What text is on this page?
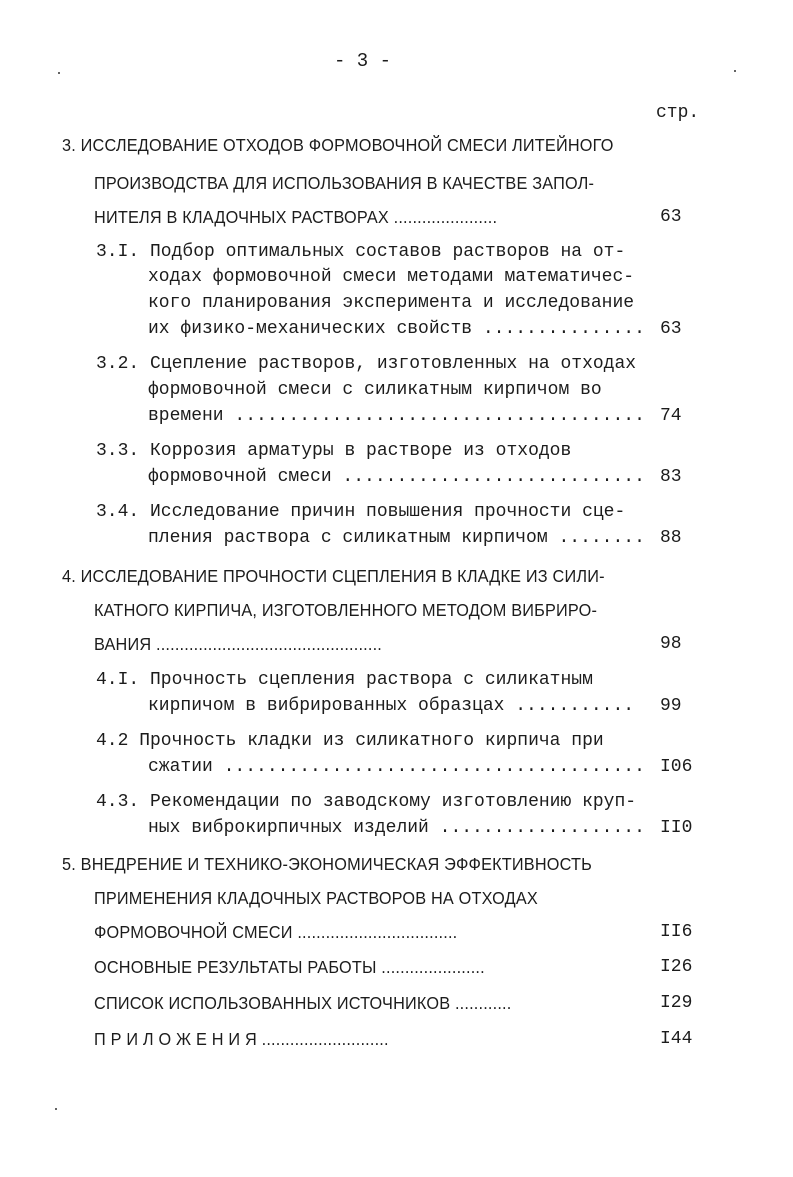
- 3 -
стр.
3. ИССЛЕДОВАНИЕ ОТХОДОВ ФОРМОВОЧНОЙ СМЕСИ ЛИТЕЙНОГО
ПРОИЗВОДСТВА ДЛЯ ИСПОЛЬЗОВАНИЯ В КАЧЕСТВЕ ЗАПОЛ-
НИТЕЛЯ В КЛАДОЧНЫХ РАСТВОРАХ ......................	63
3.I. Подбор оптимальных составов растворов на от-
ходах формовочной смеси методами математичес-
кого планирования эксперимента и исследование
их физико-механических свойств ............... 63
3.2. Сцепление растворов, изготовленных на отходах
формовочной смеси с силикатным кирпичом во
времени ...................................... 74
3.3. Коррозия арматуры в растворе из отходов
формовочной смеси ............................ 83
3.4. Исследование причин повышения прочности сце-
пления раствора с силикатным кирпичом ........ 88
4. ИССЛЕДОВАНИЕ ПРОЧНОСТИ СЦЕПЛЕНИЯ В КЛАДКЕ ИЗ СИЛИ-
КАТНОГО КИРПИЧА, ИЗГОТОВЛЕННОГО МЕТОДОМ ВИБРИРО-
ВАНИЯ ................................................	98
4.I. Прочность сцепления раствора с силикатным
кирпичом в вибрированных образцах ........... 99
4.2 Прочность кладки из силикатного кирпича при
сжатии ....................................... I06
4.3. Рекомендации по заводскому изготовлению круп-
ных виброкирпичных изделий ................... II0
5. ВНЕДРЕНИЕ И ТЕХНИКО-ЭКОНОМИЧЕСКАЯ ЭФФЕКТИВНОСТЬ
ПРИМЕНЕНИЯ КЛАДОЧНЫХ РАСТВОРОВ НА ОТХОДАХ
ФОРМОВОЧНОЙ СМЕСИ ..................................	II6
ОСНОВНЫЕ РЕЗУЛЬТАТЫ РАБОТЫ ......................	I26
СПИСОК ИСПОЛЬЗОВАННЫХ ИСТОЧНИКОВ ............	I29
П Р И Л О Ж Е Н И Я ...........................	I44
